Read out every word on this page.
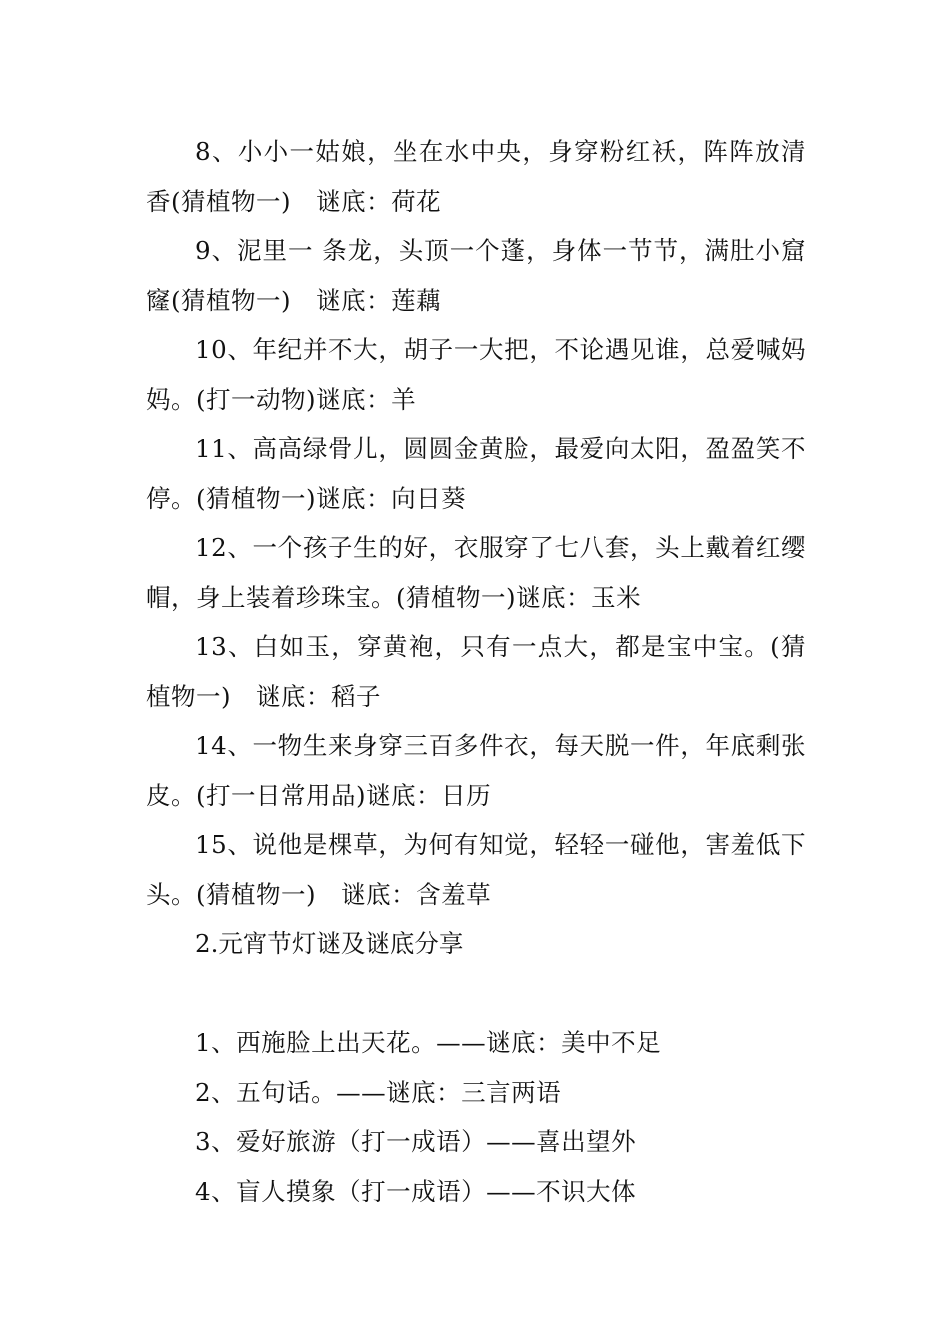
8、小小一姑娘，坐在水中央，身穿粉红袄，阵阵放清香(猜植物一)　谜底：荷花

9、泥里一 条龙，头顶一个蓬，身体一节节，满肚小窟窿(猜植物一)　谜底：莲藕

10、年纪并不大，胡子一大把，不论遇见谁，总爱喊妈妈。(打一动物)谜底：羊

11、高高绿骨儿，圆圆金黄脸，最爱向太阳，盈盈笑不停。(猜植物一)谜底：向日葵

12、一个孩子生的好，衣服穿了七八套，头上戴着红缨帽，身上装着珍珠宝。(猜植物一)谜底：玉米

13、白如玉，穿黄袍，只有一点大，都是宝中宝。(猜植物一)　谜底：稻子

14、一物生来身穿三百多件衣，每天脱一件，年底剩张皮。(打一日常用品)谜底：日历

15、说他是棵草，为何有知觉，轻轻一碰他，害羞低下头。(猜植物一)　谜底：含羞草

2.元宵节灯谜及谜底分享

1、西施脸上出天花。——谜底：美中不足

2、五句话。——谜底：三言两语

3、爱好旅游（打一成语）——喜出望外

4、盲人摸象（打一成语）——不识大体
